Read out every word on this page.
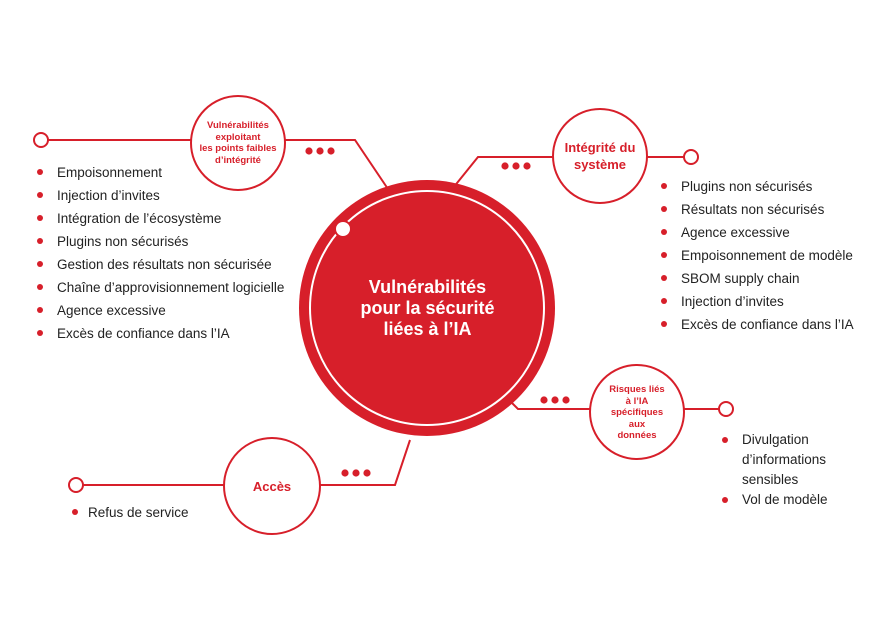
Vulnérabilités
pour la sécurité
liées à l’IA
Vulnérabilités
exploitant
les points faibles
d’intégrité
Intégrité du
système
Risques liés
à l’IA
spécifiques
aux
données
Accès
Empoisonnement
Injection d’invites
Intégration de l’écosystème
Plugins non sécurisés
Gestion des résultats non sécurisée
Chaîne d’approvisionnement logicielle
Agence excessive
Excès de confiance dans l’IA
Plugins non sécurisés
Résultats non sécurisés
Agence excessive
Empoisonnement de modèle
SBOM supply chain
Injection d’invites
Excès de confiance dans l’IA
Divulgation
d’informations
sensibles
Vol de modèle
Refus de service
